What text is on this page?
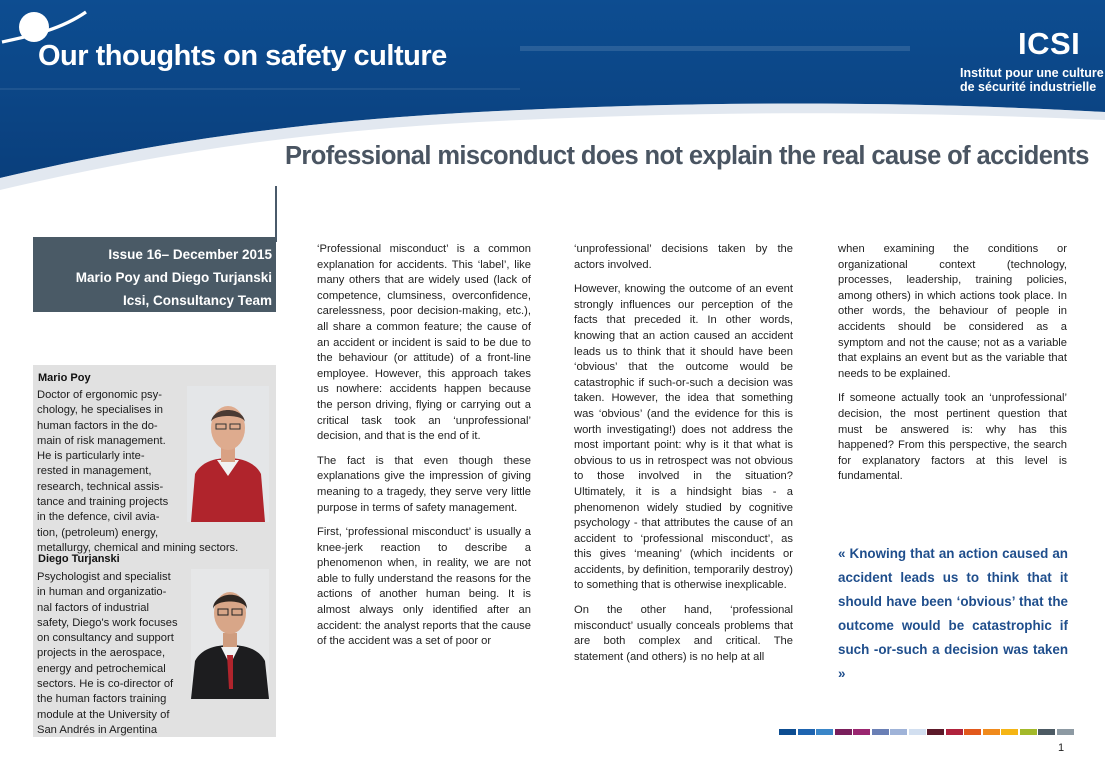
Our thoughts on safety culture	ICSI
Institut pour une culture
de sécurité industrielle
Professional misconduct does not explain the real cause of accidents
Issue 16– December 2015
Mario Poy and Diego Turjanski
Icsi, Consultancy Team
Mario Poy
Doctor of ergonomic psy-
chology, he specialises in
human factors in the do-
main of risk management.
He is particularly inte-
rested in management,
research, technical assis-
tance and training projects
in the defence, civil avia-
tion, (petroleum) energy,
metallurgy, chemical and mining sectors.
Diego Turjanski
Psychologist and specialist
in human and organizatio-
nal factors of industrial
safety, Diego's work focuses
on consultancy and support
projects in the aerospace,
energy and petrochemical
sectors. He is co-director of
the human factors training
module at the University of
San Andrés in Argentina

‘Professional misconduct’ is a common explanation for accidents. This ‘label’, like many others that are widely used (lack of competence, clumsiness, overconfidence, carelessness, poor decision-making, etc.), all share a common feature; the cause of an accident or incident is said to be due to the behaviour (or attitude) of a front-line employee. However, this approach takes us nowhere: accidents happen because the person driving, flying or carrying out a critical task took an ‘unprofessional’ decision, and that is the end of it.

The fact is that even though these explanations give the impression of giving meaning to a tragedy, they serve very little purpose in terms of safety management.

First, ‘professional misconduct’ is usually a knee-jerk reaction to describe a phenomenon when, in reality, we are not able to fully understand the reasons for the actions of another human being. It is almost always only identified after an accident: the analyst reports that the cause of the accident was a set of poor or

‘unprofessional’ decisions taken by the actors involved.

However, knowing the outcome of an event strongly influences our perception of the facts that preceded it. In other words, knowing that an action caused an accident leads us to think that it should have been ‘obvious’ that the outcome would be catastrophic if such-or-such a decision was taken. However, the idea that something was ‘obvious’ (and the evidence for this is worth investigating!) does not address the most important point: why is it that what is obvious to us in retrospect was not obvious to those involved in the situation? Ultimately, it is a hindsight bias - a phenomenon widely studied by cognitive psychology - that attributes the cause of an accident to ‘professional misconduct’, as this gives ‘meaning’ (which incidents or accidents, by definition, temporarily destroy) to something that is otherwise inexplicable.

On the other hand, ‘professional misconduct’ usually conceals problems that are both complex and critical. The statement (and others) is no help at all

when examining the conditions or organizational context (technology, processes, leadership, training policies, among others) in which actions took place. In other words, the behaviour of people in accidents should be considered as a symptom and not the cause; not as a variable that explains an event but as the variable that needs to be explained.

If someone actually took an ‘unprofessional’ decision, the most pertinent question that must be answered is: why has this happened? From this perspective, the search for explanatory factors at this level is fundamental.

« Knowing that an action caused an accident leads us to think that it should have been ‘obvious’ that the outcome would be catastrophic if such -or-such a decision was taken »
1
